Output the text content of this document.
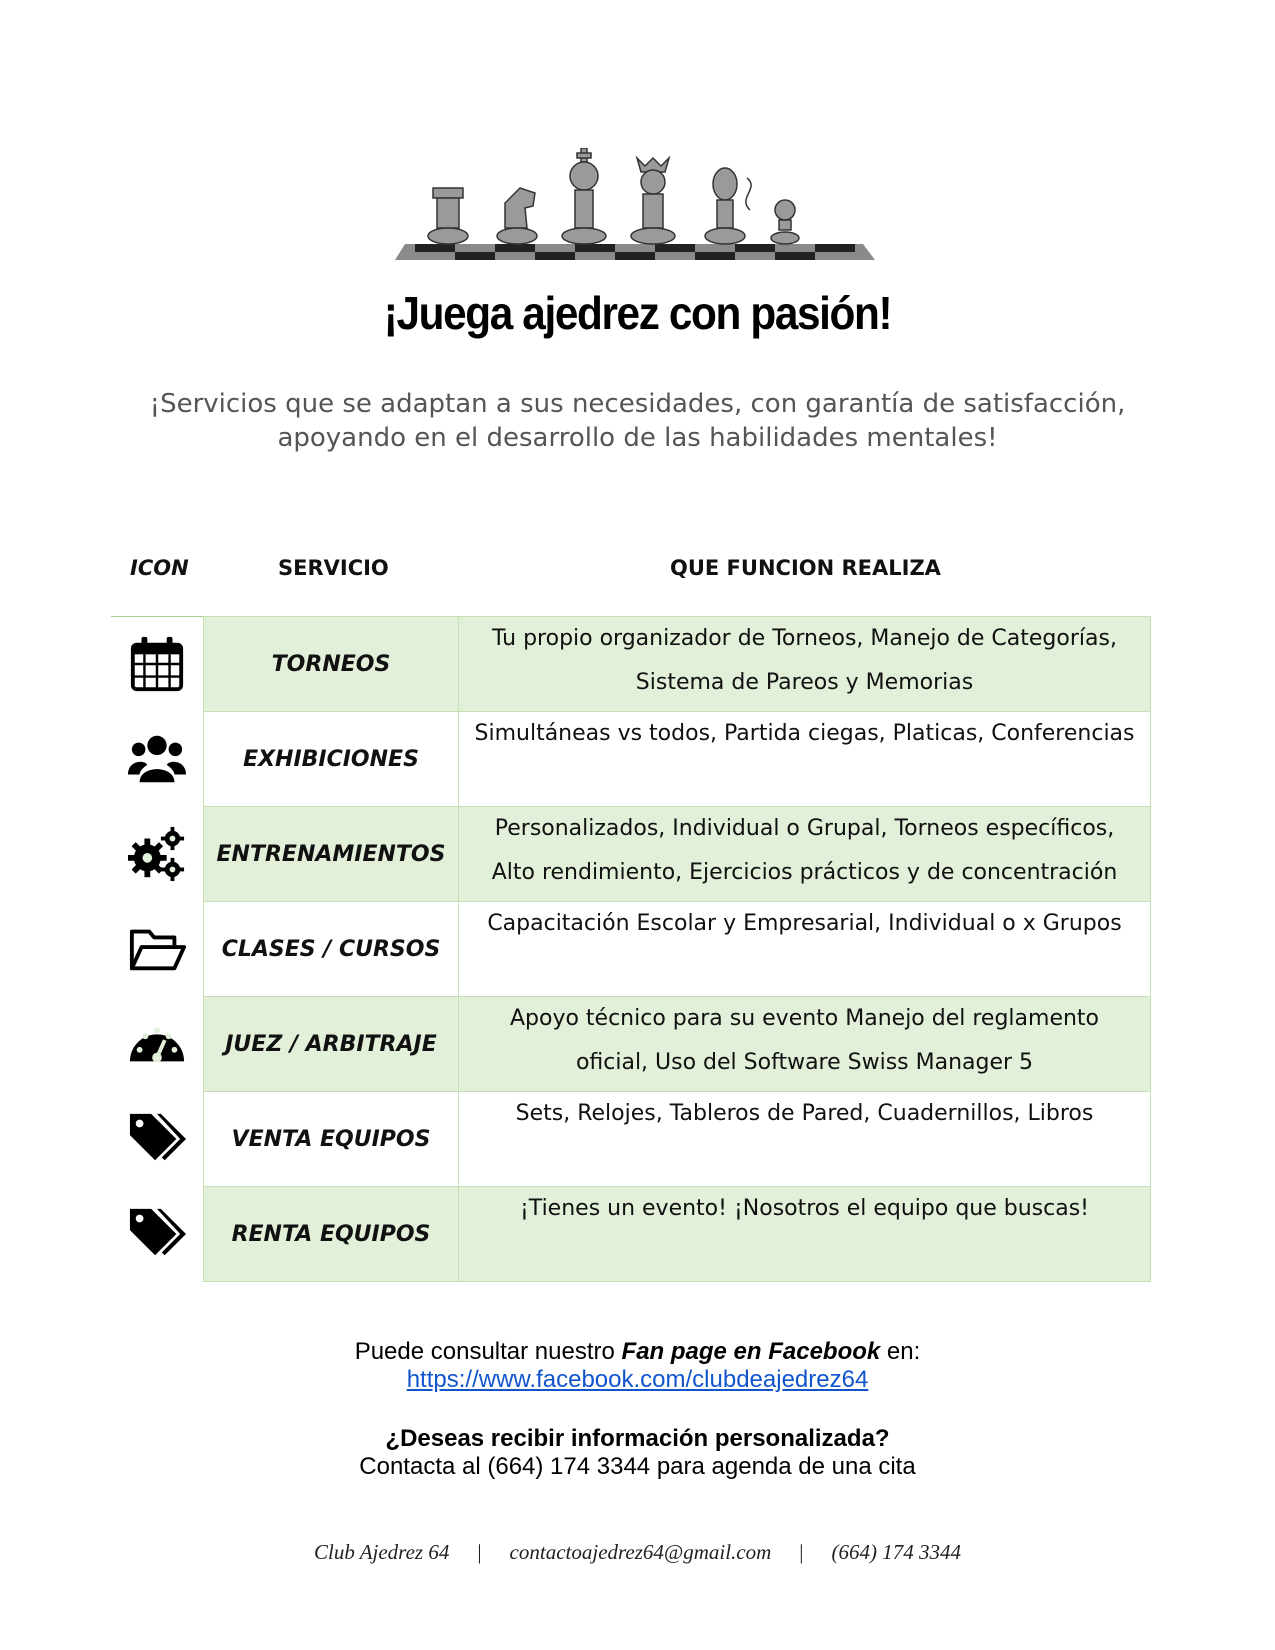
¡Juega ajedrez con pasión!
¡Servicios que se adaptan a sus necesidades, con garantía de satisfacción,
apoyando en el desarrollo de las habilidades mentales!
ICON	SERVICIO	QUE FUNCION REALIZA
	TORNEOS	Tu propio organizador de Torneos, Manejo de Categorías,
Sistema de Pareos y Memorias

	EXHIBICIONES	Simultáneas vs todos, Partida ciegas, Platicas, Conferencias

	ENTRENAMIENTOS	Personalizados, Individual o Grupal, Torneos específicos,
Alto rendimiento, Ejercicios prácticos y de concentración

	CLASES / CURSOS	Capacitación Escolar y Empresarial, Individual o x Grupos

	JUEZ / ARBITRAJE	Apoyo técnico para su evento Manejo del reglamento
oficial, Uso del Software Swiss Manager 5

	VENTA EQUIPOS	Sets, Relojes, Tableros de Pared, Cuadernillos, Libros

	RENTA EQUIPOS	¡Tienes un evento! ¡Nosotros el equipo que buscas!
Puede consultar nuestro Fan page en Facebook en:
https://www.facebook.com/clubdeajedrez64
¿Deseas recibir información personalizada?
Contacta al (664) 174 3344 para agenda de una cita
Club Ajedrez 64 | contactoajedrez64@gmail.com | (664) 174 3344
